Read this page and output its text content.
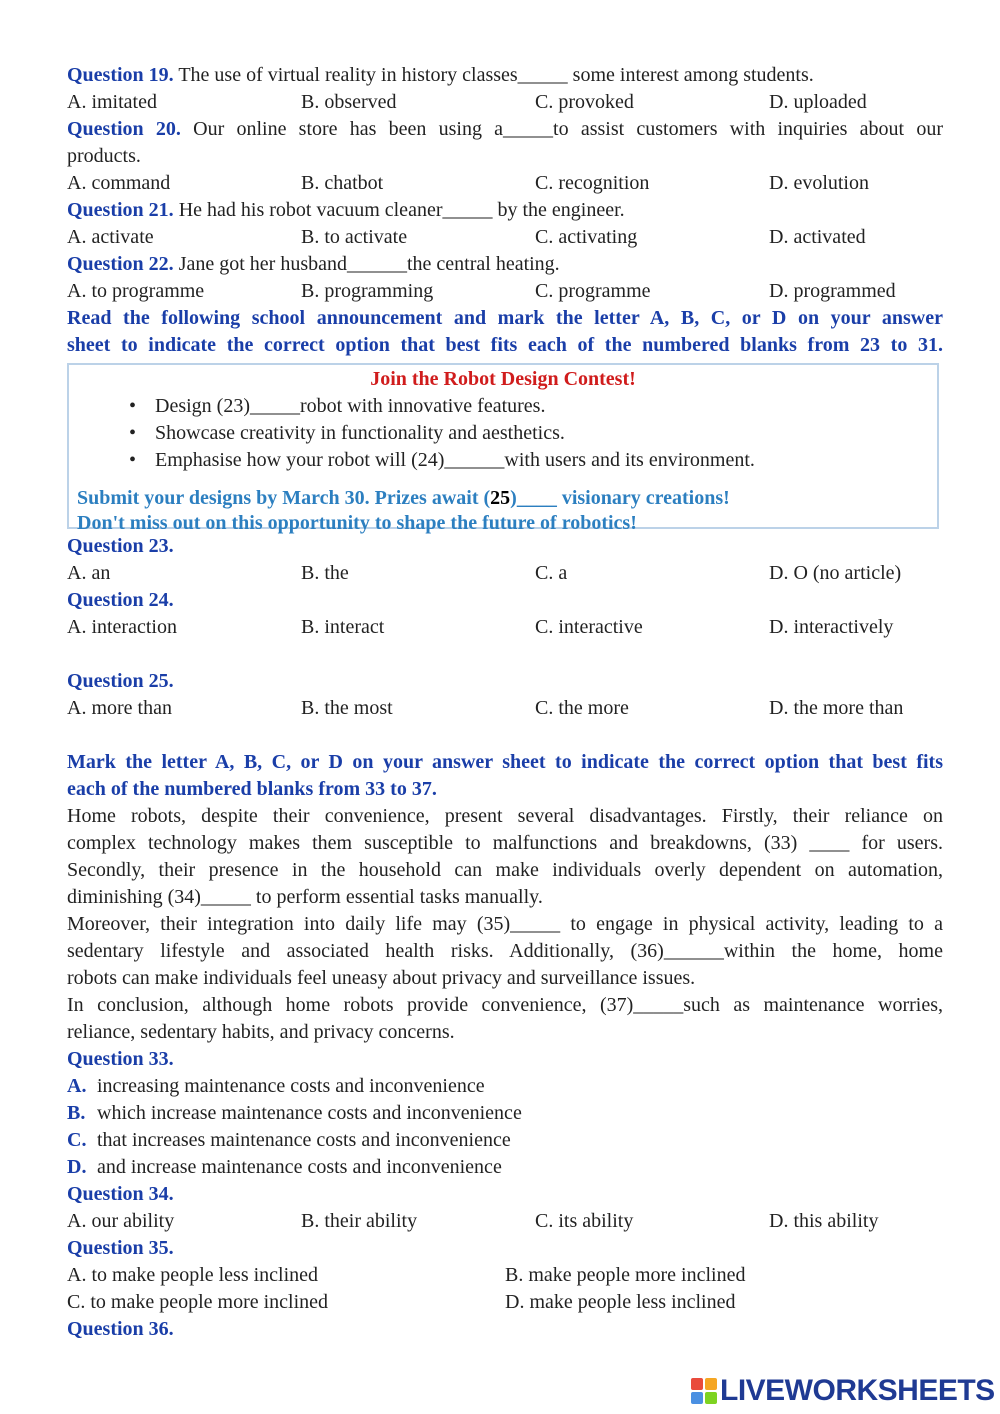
Question 19. The use of virtual reality in history classes_____ some interest among students.
A. imitated	B. observed	C. provoked	D. uploaded
Question 20. Our online store has been using a_____to assist customers with inquiries about our
products.
A. command	B. chatbot	C. recognition	D. evolution
Question 21. He had his robot vacuum cleaner_____ by the engineer.
A. activate	B. to activate	C. activating	D. activated
Question 22. Jane got her husband______the central heating.
A. to programme	B. programming	C. programme	D. programmed
Read the following school announcement and mark the letter A, B, C, or D on your answer
sheet to indicate the correct option that best fits each of the numbered blanks from 23 to 31.
Join the Robot Design Contest!
• Design (23)_____robot with innovative features.
• Showcase creativity in functionality and aesthetics.
• Emphasise how your robot will (24)______with users and its environment.
Submit your designs by March 30. Prizes await (25)____ visionary creations!
Don't miss out on this opportunity to shape the future of robotics!
Question 23.
A. an	B. the	C. a	D. O (no article)
Question 24.
A. interaction	B. interact	C. interactive	D. interactively
Question 25.
A. more than	B. the most	C. the more	D. the more than
Mark the letter A, B, C, or D on your answer sheet to indicate the correct option that best fits
each of the numbered blanks from 33 to 37.
Home robots, despite their convenience, present several disadvantages. Firstly, their reliance on
complex technology makes them susceptible to malfunctions and breakdowns, (33) ____ for users.
Secondly, their presence in the household can make individuals overly dependent on automation,
diminishing (34)_____ to perform essential tasks manually.
Moreover, their integration into daily life may (35)_____ to engage in physical activity, leading to a
sedentary lifestyle and associated health risks. Additionally, (36)______within the home, home
robots can make individuals feel uneasy about privacy and surveillance issues.
In conclusion, although home robots provide convenience, (37)_____such as maintenance worries,
reliance, sedentary habits, and privacy concerns.
Question 33.
A. increasing maintenance costs and inconvenience
B. which increase maintenance costs and inconvenience
C. that increases maintenance costs and inconvenience
D. and increase maintenance costs and inconvenience
Question 34.
A. our ability	B. their ability	C. its ability	D. this ability
Question 35.
A. to make people less inclined	B. make people more inclined
C. to make people more inclined	D. make people less inclined
Question 36.
LIVEWORKSHEETS
